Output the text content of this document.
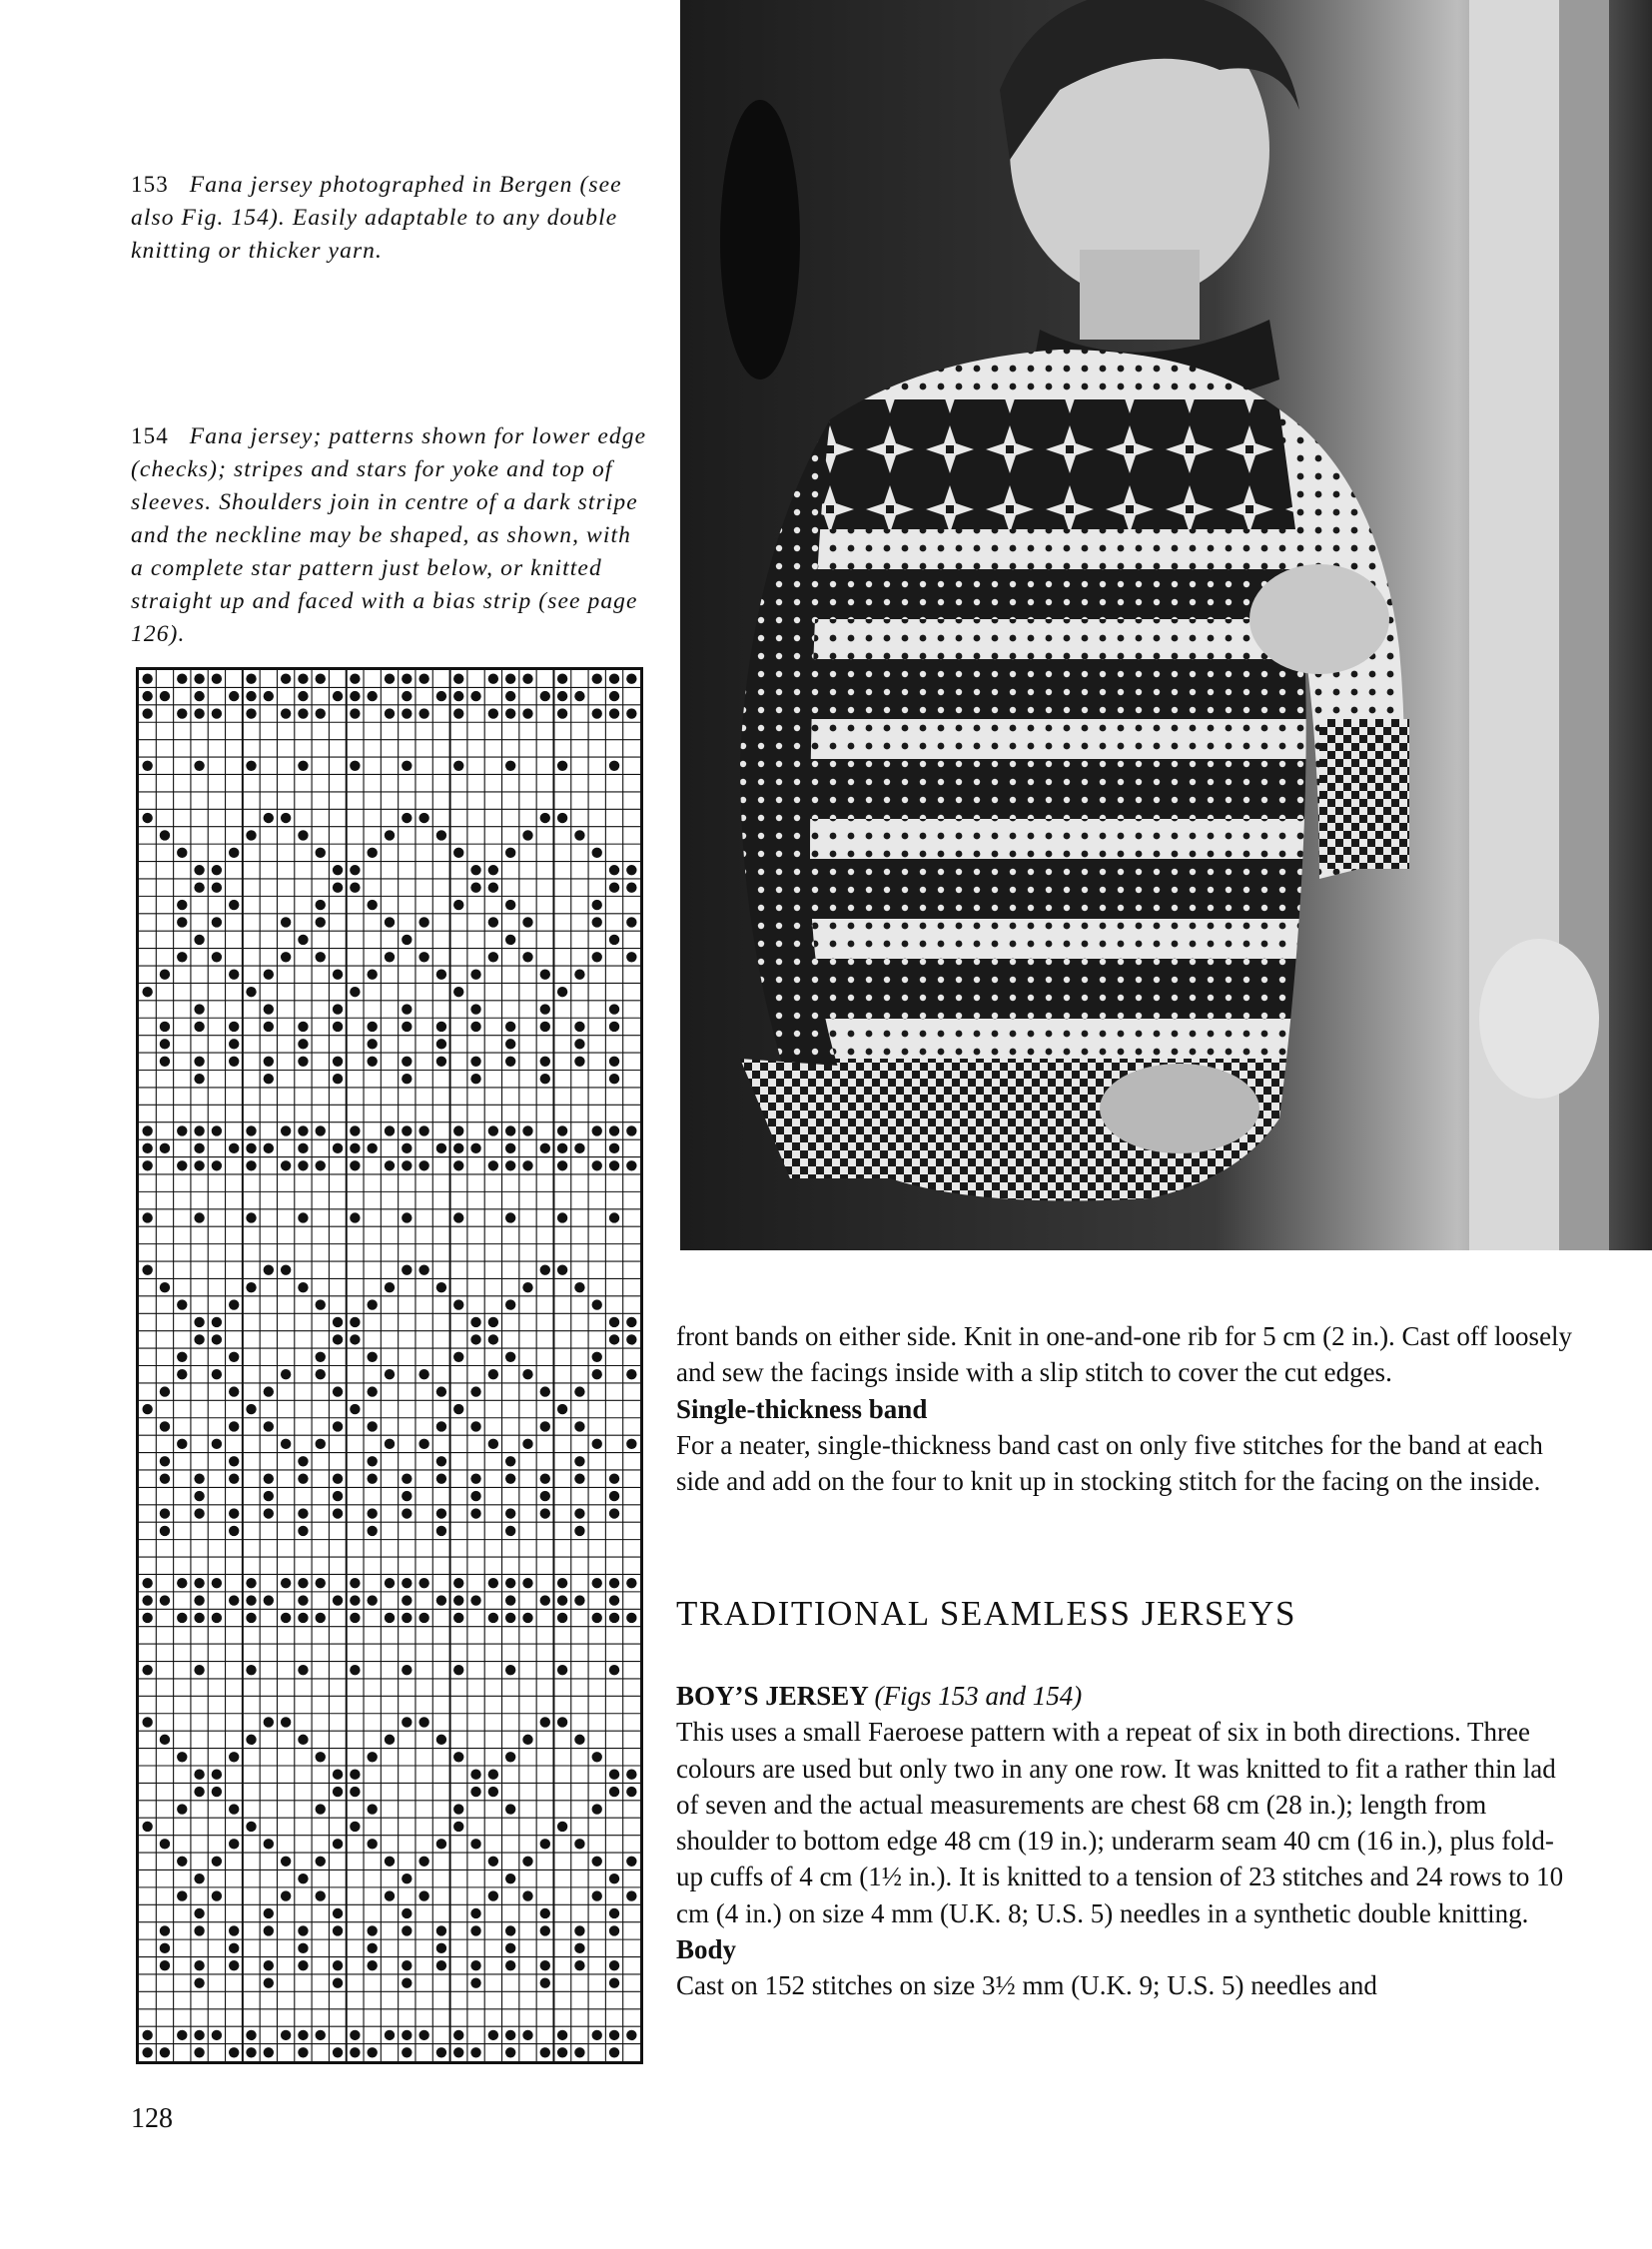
153 Fana jersey photographed in Bergen (see also Fig. 154). Easily adaptable to any double knitting or thicker yarn.
154 Fana jersey; patterns shown for lower edge (checks); stripes and stars for yoke and top of sleeves. Shoulders join in centre of a dark stripe and the neckline may be shaped, as shown, with a complete star pattern just below, or knitted straight up and faced with a bias strip (see page 126).

front bands on either side. Knit in one-and-one rib for 5 cm (2 in.). Cast off loosely and sew the facings inside with a slip stitch to cover the cut edges.

Single-thickness band

For a neater, single-thickness band cast on only five stitches for the band at each side and add on the four to knit up in stocking stitch for the facing on the inside.

TRADITIONAL SEAMLESS JERSEYS

BOY’S JERSEY (Figs 153 and 154)

This uses a small Faeroese pattern with a repeat of six in both directions. Three colours are used but only two in any one row. It was knitted to fit a rather thin lad of seven and the actual measurements are chest 68 cm (28 in.); length from shoulder to bottom edge 48 cm (19 in.); underarm seam 40 cm (16 in.), plus fold-up cuffs of 4 cm (1½ in.). It is knitted to a tension of 23 stitches and 24 rows to 10 cm (4 in.) on size 4 mm (U.K. 8; U.S. 5) needles in a synthetic double knitting.

Body

Cast on 152 stitches on size 3½ mm (U.K. 9; U.S. 5) needles and

128
